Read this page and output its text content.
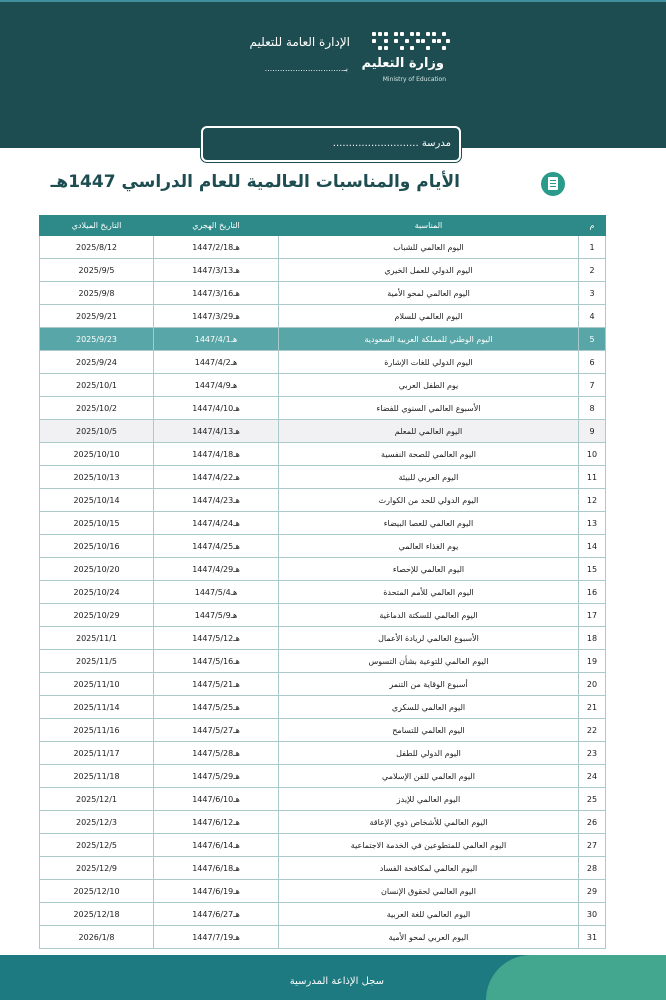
وزارة التعليم
Ministry of Education
الإدارة العامة للتعليم
بـ...............................
مدرسة ...........................
الأيام والمناسبات العالمية للعام الدراسي 1447هـ
م	المناسبة	التاريخ الهجري	التاريخ الميلادي
1	اليوم العالمي للشباب	1447/2/18هـ	2025/8/12
2	اليوم الدولي للعمل الخيري	1447/3/13هـ	2025/9/5
3	اليوم العالمي لمحو الأمية	1447/3/16هـ	2025/9/8
4	اليوم العالمي للسلام	1447/3/29هـ	2025/9/21
5	اليوم الوطني للمملكة العربية السعودية	1447/4/1هـ	2025/9/23
6	اليوم الدولي للغات الإشارة	1447/4/2هـ	2025/9/24
7	يوم الطفل العربي	1447/4/9هـ	2025/10/1
8	الأسبوع العالمي السنوي للفضاء	1447/4/10هـ	2025/10/2
9	اليوم العالمي للمعلم	1447/4/13هـ	2025/10/5
10	اليوم العالمي للصحة النفسية	1447/4/18هـ	2025/10/10
11	اليوم العربي للبيئة	1447/4/22هـ	2025/10/13
12	اليوم الدولي للحد من الكوارث	1447/4/23هـ	2025/10/14
13	اليوم العالمي للعصا البيضاء	1447/4/24هـ	2025/10/15
14	يوم الغذاء العالمي	1447/4/25هـ	2025/10/16
15	اليوم العالمي للإحصاء	1447/4/29هـ	2025/10/20
16	اليوم العالمي للأمم المتحدة	1447/5/4هـ	2025/10/24
17	اليوم العالمي للسكتة الدماغية	1447/5/9هـ	2025/10/29
18	الأسبوع العالمي لريادة الأعمال	1447/5/12هـ	2025/11/1
19	اليوم العالمي للتوعية بشأن التسوس	1447/5/16هـ	2025/11/5
20	أسبوع الوقاية من التنمر	1447/5/21هـ	2025/11/10
21	اليوم العالمي للسكري	1447/5/25هـ	2025/11/14
22	اليوم العالمي للتسامح	1447/5/27هـ	2025/11/16
23	اليوم الدولي للطفل	1447/5/28هـ	2025/11/17
24	اليوم العالمي للفن الإسلامي	1447/5/29هـ	2025/11/18
25	اليوم العالمي للإيدز	1447/6/10هـ	2025/12/1
26	اليوم العالمي للأشخاص ذوي الإعاقة	1447/6/12هـ	2025/12/3
27	اليوم العالمي للمتطوعين في الخدمة الاجتماعية	1447/6/14هـ	2025/12/5
28	اليوم العالمي لمكافحة الفساد	1447/6/18هـ	2025/12/9
29	اليوم العالمي لحقوق الإنسان	1447/6/19هـ	2025/12/10
30	اليوم العالمي للغة العربية	1447/6/27هـ	2025/12/18
31	اليوم العربي لمحو الأمية	1447/7/19هـ	2026/1/8
سجل الإذاعة المدرسية
